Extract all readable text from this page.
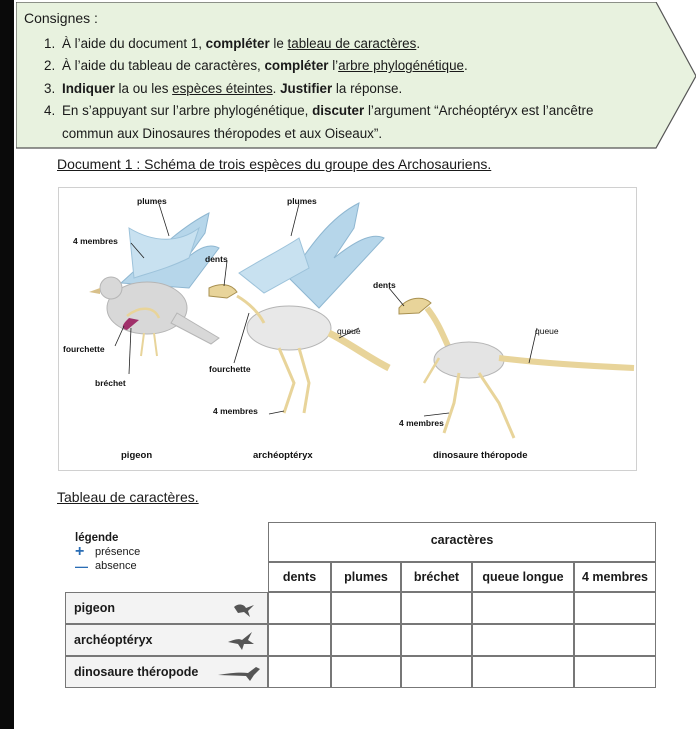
Consignes :
1. À l’aide du document 1, compléter le tableau de caractères.
2. À l’aide du tableau de caractères, compléter l’arbre phylogénétique.
3. Indiquer la ou les espèces éteintes. Justifier la réponse.
4. En s’appuyant sur l’arbre phylogénétique, discuter l’argument “Archéoptéryx est l’ancêtre
commun aux Dinosaures théropodes et aux Oiseaux”.
Document 1 : Schéma de trois espèces du groupe des Archosauriens.
plumes
4 membres
fourchette
bréchet
plumes
dents
queue
fourchette
4 membres
dents
queue
4 membres
pigeon	archéoptéryx	dinosaure théropode
Tableau de caractères.
légende
+ présence
— absence
caractères
dents	plumes	bréchet	queue longue	4 membres
pigeon
archéoptéryx
dinosaure théropode
